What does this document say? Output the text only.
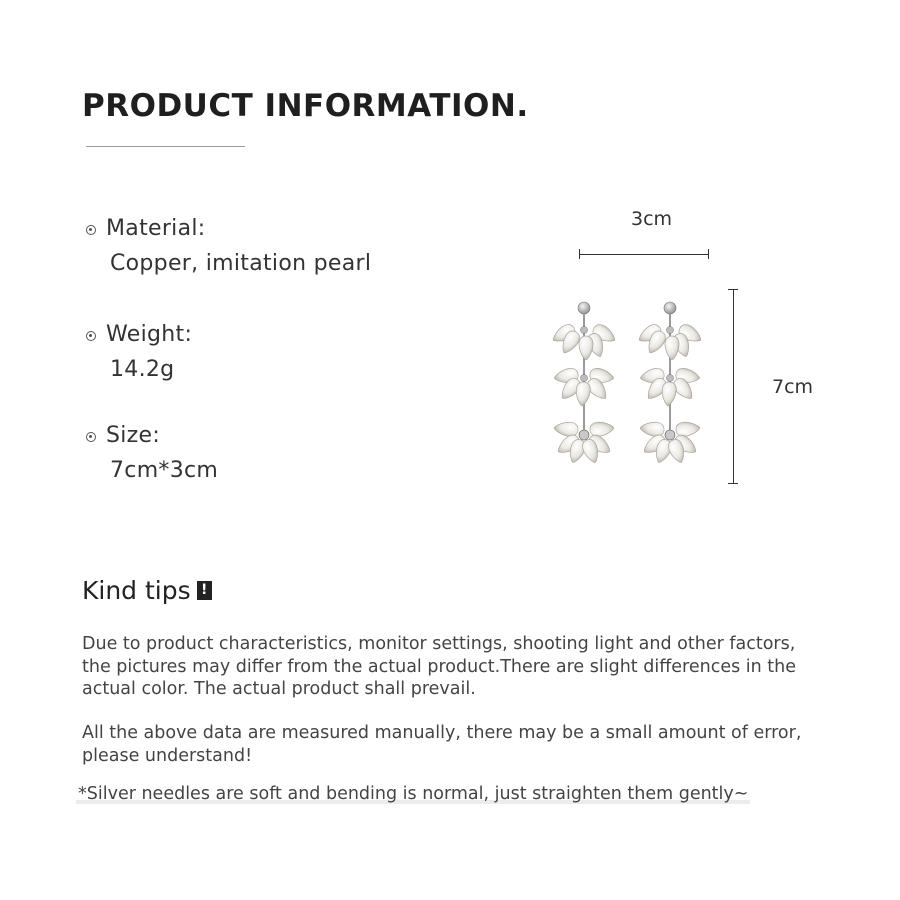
PRODUCT INFORMATION.
Material:
Copper, imitation pearl
Weight:
14.2g
Size:
7cm*3cm
3cm
7cm
Kind tips !

Due to product characteristics, monitor settings, shooting light and other factors, the pictures may differ from the actual product.There are slight differences in the actual color. The actual product shall prevail.

All the above data are measured manually, there may be a small amount of error, please understand!

*Silver needles are soft and bending is normal, just straighten them gently~
